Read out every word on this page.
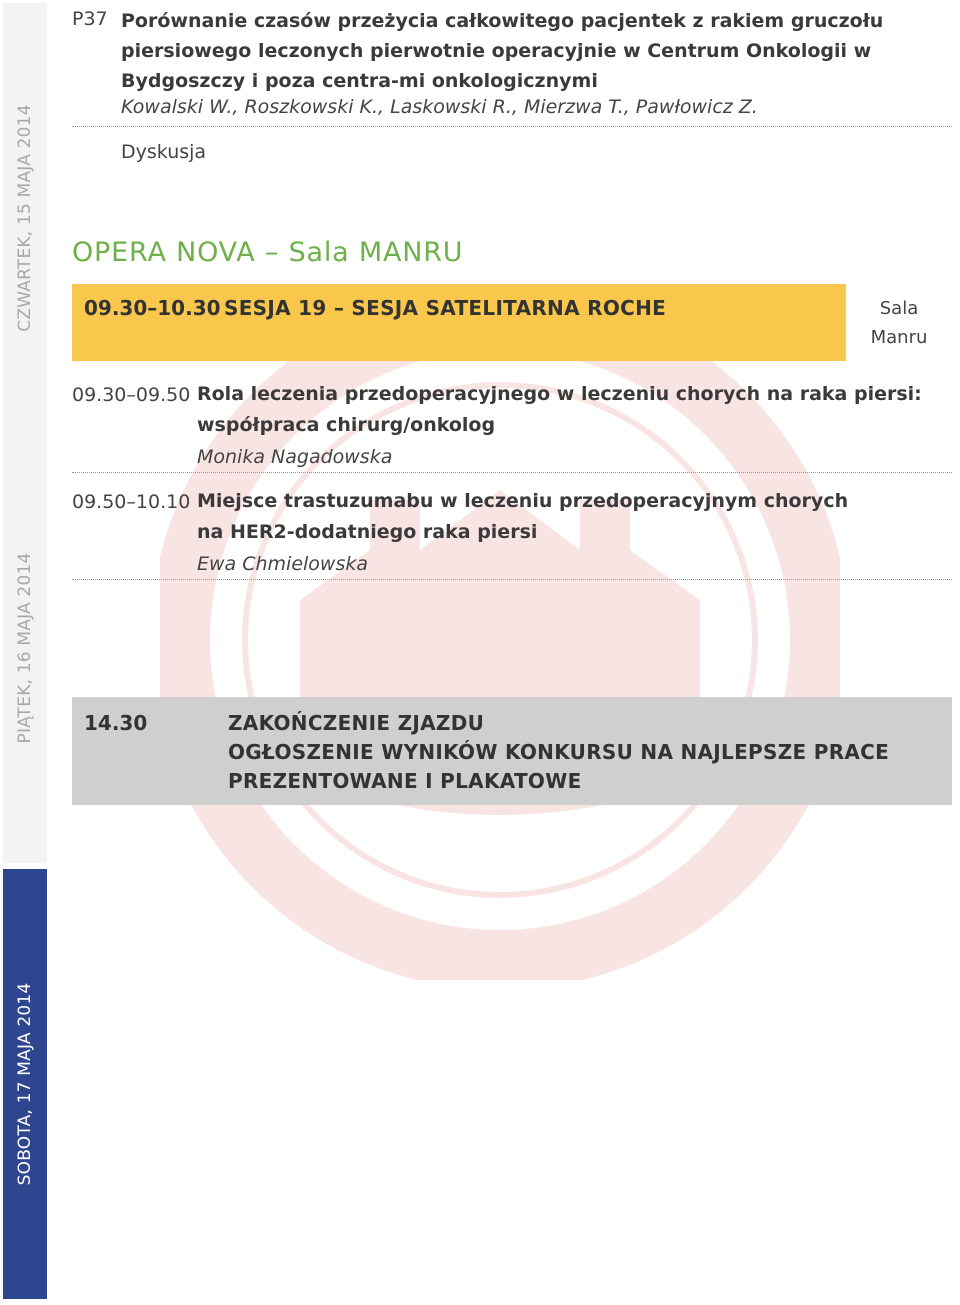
CZWARTEK, 15 MAJA 2014
PIĄTEK, 16 MAJA 2014
SOBOTA, 17 MAJA 2014
P37 Porównanie czasów przeżycia całkowitego pacjentek z rakiem gruczołu piersiowego leczonych pierwotnie operacyjnie w Centrum Onkologii w Bydgoszczy i poza centra-mi onkologicznymi
Kowalski W., Roszkowski K., Laskowski R., Mierzwa T., Pawłowicz Z.
Dyskusja
OPERA NOVA – Sala MANRU
09.30–10.30 SESJA 19 – SESJA SATELITARNA ROCHE	Sala
Manru
09.30–09.50 Rola leczenia przedoperacyjnego w leczeniu chorych na raka piersi:
współpraca chirurg/onkolog
Monika Nagadowska
09.50–10.10 Miejsce trastuzumabu w leczeniu przedoperacyjnym chorych
na HER2-dodatniego raka piersi
Ewa Chmielowska
14.30	ZAKOŃCZENIE ZJAZDU
OGŁOSZENIE WYNIKÓW KONKURSU NA NAJLEPSZE PRACE
PREZENTOWANE I PLAKATOWE
